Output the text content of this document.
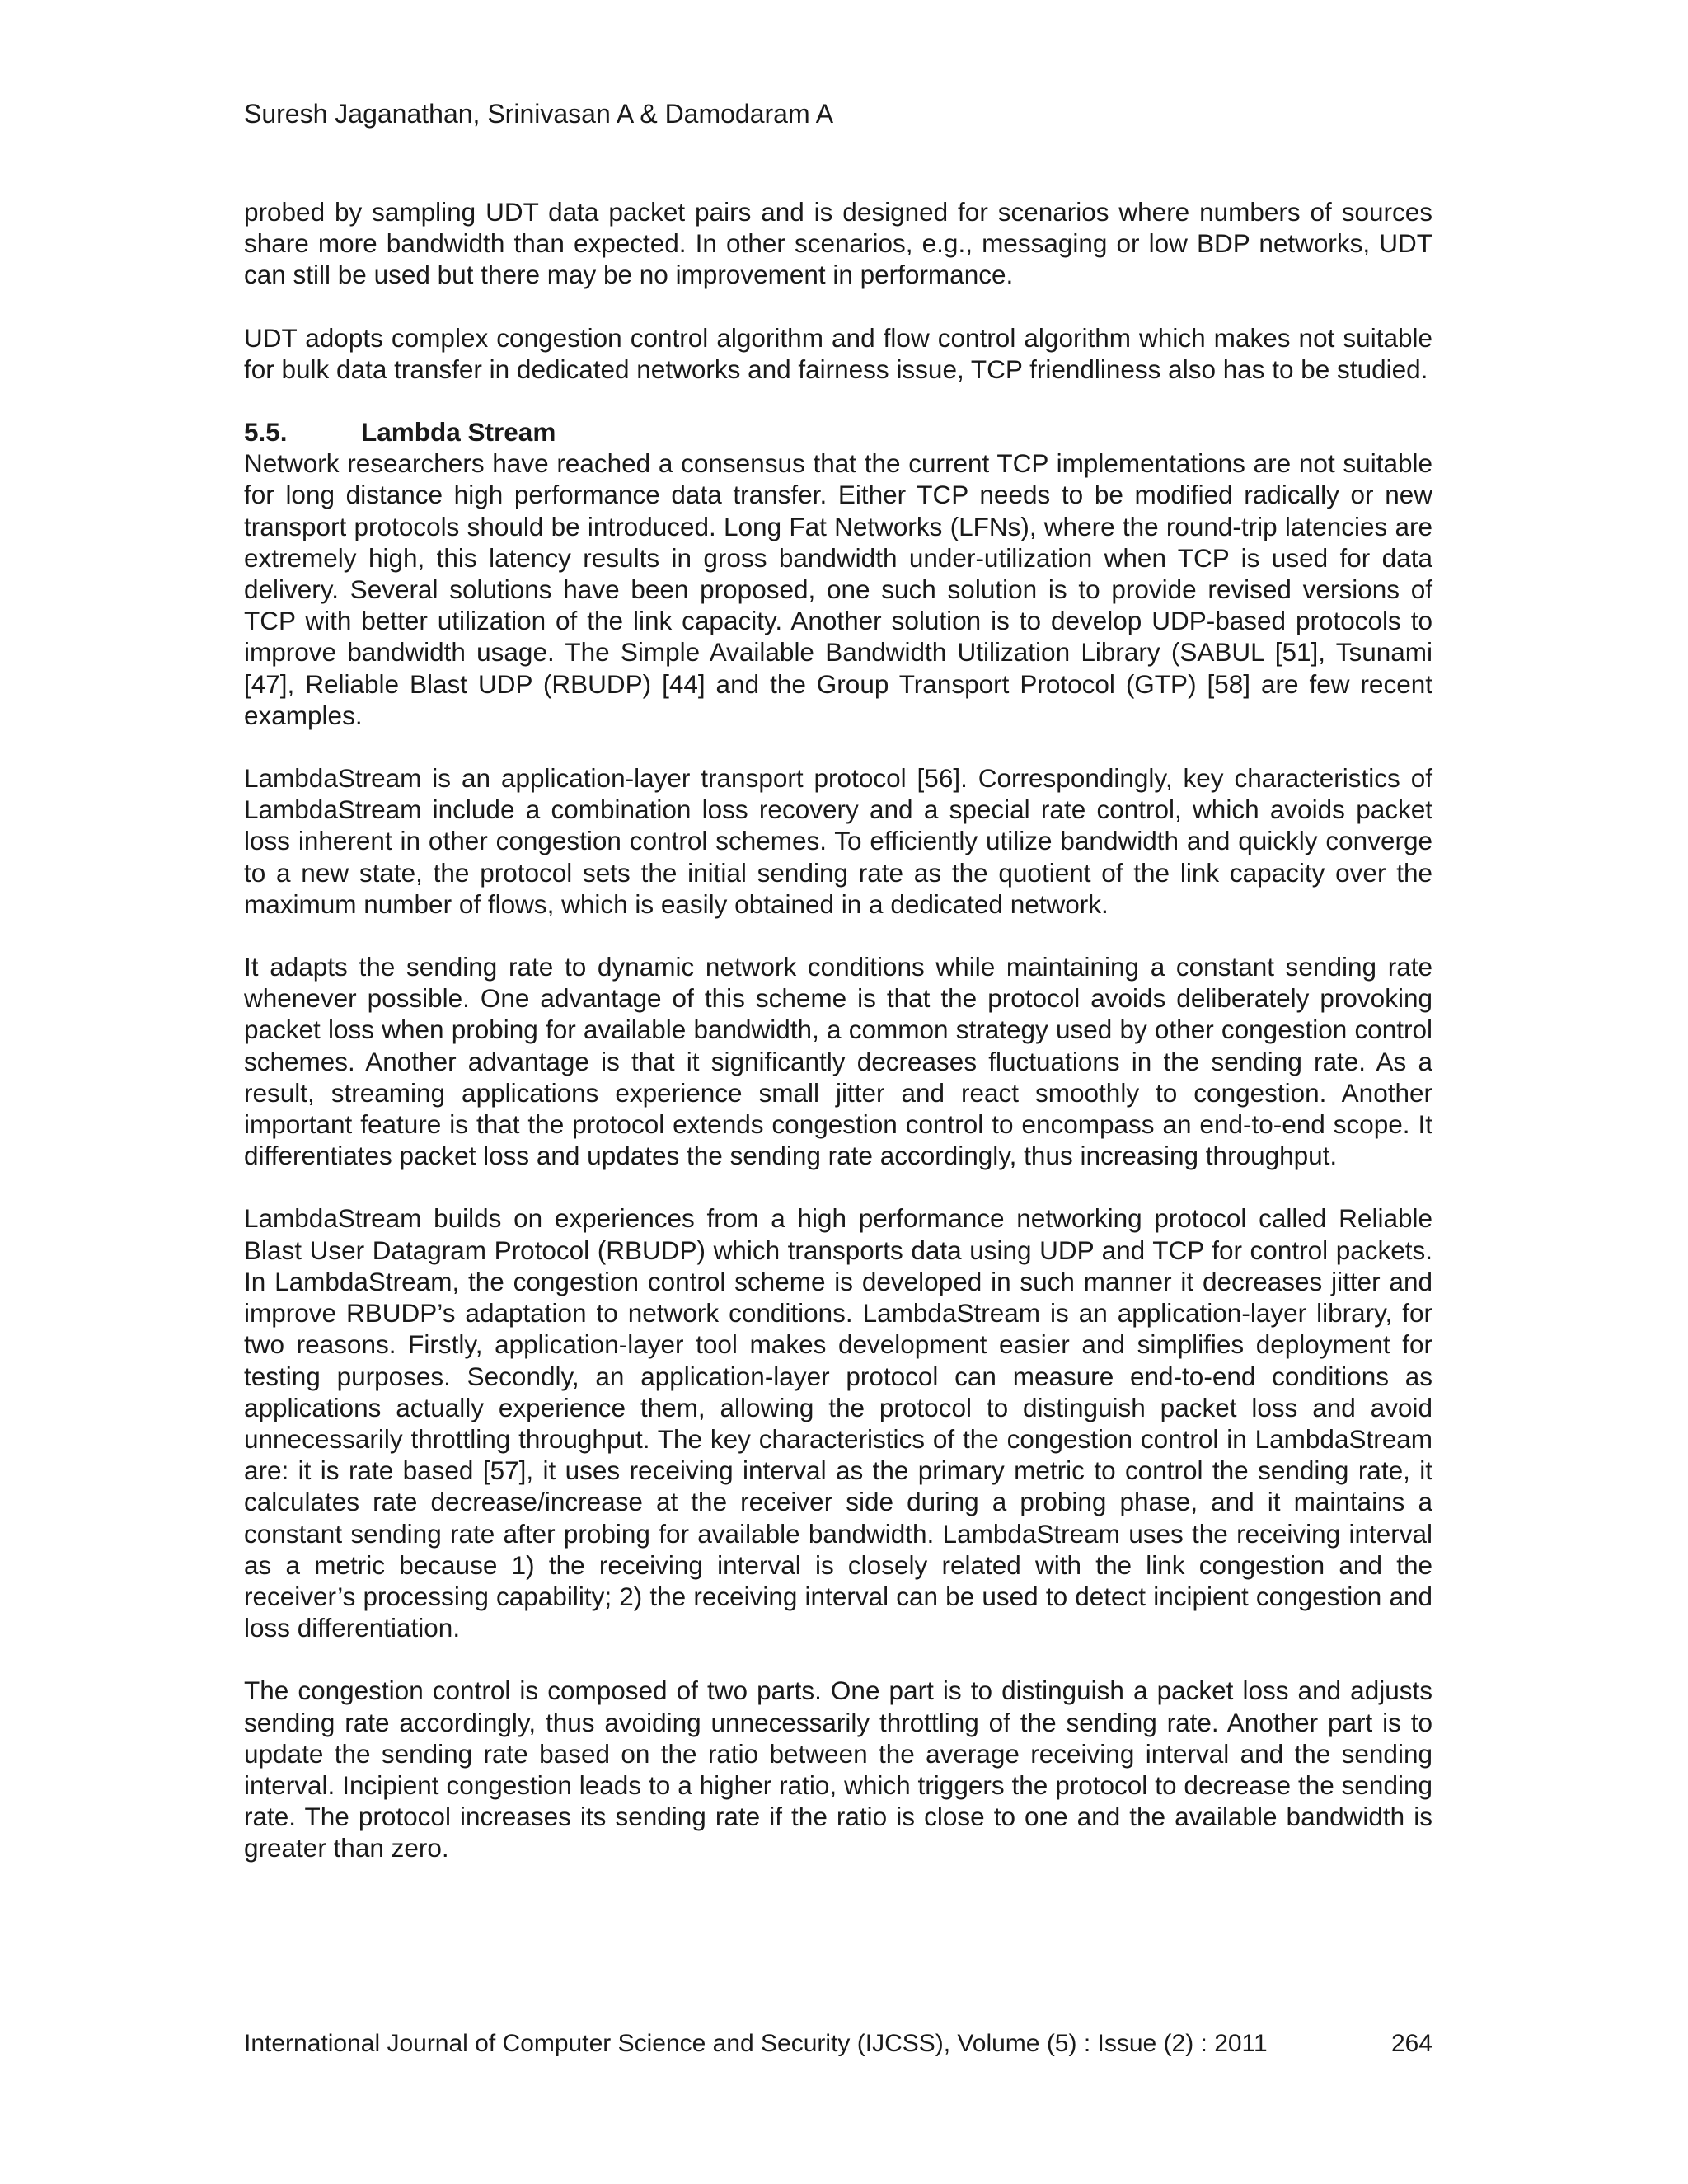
Suresh Jaganathan, Srinivasan A & Damodaram A

probed by sampling UDT data packet pairs and is designed for scenarios where numbers of sources share more bandwidth than expected. In other scenarios, e.g., messaging or low BDP networks, UDT can still be used but there may be no improvement in performance.

UDT adopts complex congestion control algorithm and flow control algorithm which makes not suitable for bulk data transfer in dedicated networks and fairness issue, TCP friendliness also has to be studied.

5.5.	Lambda Stream

Network researchers have reached a consensus that the current TCP implementations are not suitable for long distance high performance data transfer. Either TCP needs to be modified radically or new transport protocols should be introduced. Long Fat Networks (LFNs), where the round-trip latencies are extremely high, this latency results in gross bandwidth under-utilization when TCP is used for data delivery. Several solutions have been proposed, one such solution is to provide revised versions of TCP with better utilization of the link capacity. Another solution is to develop UDP-based protocols to improve bandwidth usage. The Simple Available Bandwidth Utilization Library (SABUL [51], Tsunami [47], Reliable Blast UDP (RBUDP) [44] and the Group Transport Protocol (GTP) [58] are few recent examples.

LambdaStream is an application-layer transport protocol [56]. Correspondingly, key characteristics of LambdaStream include a combination loss recovery and a special rate control, which avoids packet loss inherent in other congestion control schemes. To efficiently utilize bandwidth and quickly converge to a new state, the protocol sets the initial sending rate as the quotient of the link capacity over the maximum number of flows, which is easily obtained in a dedicated network.

It adapts the sending rate to dynamic network conditions while maintaining a constant sending rate whenever possible. One advantage of this scheme is that the protocol avoids deliberately provoking packet loss when probing for available bandwidth, a common strategy used by other congestion control schemes. Another advantage is that it significantly decreases fluctuations in the sending rate. As a result, streaming applications experience small jitter and react smoothly to congestion. Another important feature is that the protocol extends congestion control to encompass an end-to-end scope. It differentiates packet loss and updates the sending rate accordingly, thus increasing throughput.

LambdaStream builds on experiences from a high performance networking protocol called Reliable Blast User Datagram Protocol (RBUDP) which transports data using UDP and TCP for control packets. In LambdaStream, the congestion control scheme is developed in such manner it decreases jitter and improve RBUDP’s adaptation to network conditions. LambdaStream is an application-layer library, for two reasons. Firstly, application-layer tool makes development easier and simplifies deployment for testing purposes. Secondly, an application-layer protocol can measure end-to-end conditions as applications actually experience them, allowing the protocol to distinguish packet loss and avoid unnecessarily throttling throughput. The key characteristics of the congestion control in LambdaStream are: it is rate based [57], it uses receiving interval as the primary metric to control the sending rate, it calculates rate decrease/increase at the receiver side during a probing phase, and it maintains a constant sending rate after probing for available bandwidth. LambdaStream uses the receiving interval as a metric because 1) the receiving interval is closely related with the link congestion and the receiver’s processing capability; 2) the receiving interval can be used to detect incipient congestion and loss differentiation.

The congestion control is composed of two parts. One part is to distinguish a packet loss and adjusts sending rate accordingly, thus avoiding unnecessarily throttling of the sending rate. Another part is to update the sending rate based on the ratio between the average receiving interval and the sending interval. Incipient congestion leads to a higher ratio, which triggers the protocol to decrease the sending rate. The protocol increases its sending rate if the ratio is close to one and the available bandwidth is greater than zero.

International Journal of Computer Science and Security (IJCSS), Volume (5) : Issue (2) : 2011	264
